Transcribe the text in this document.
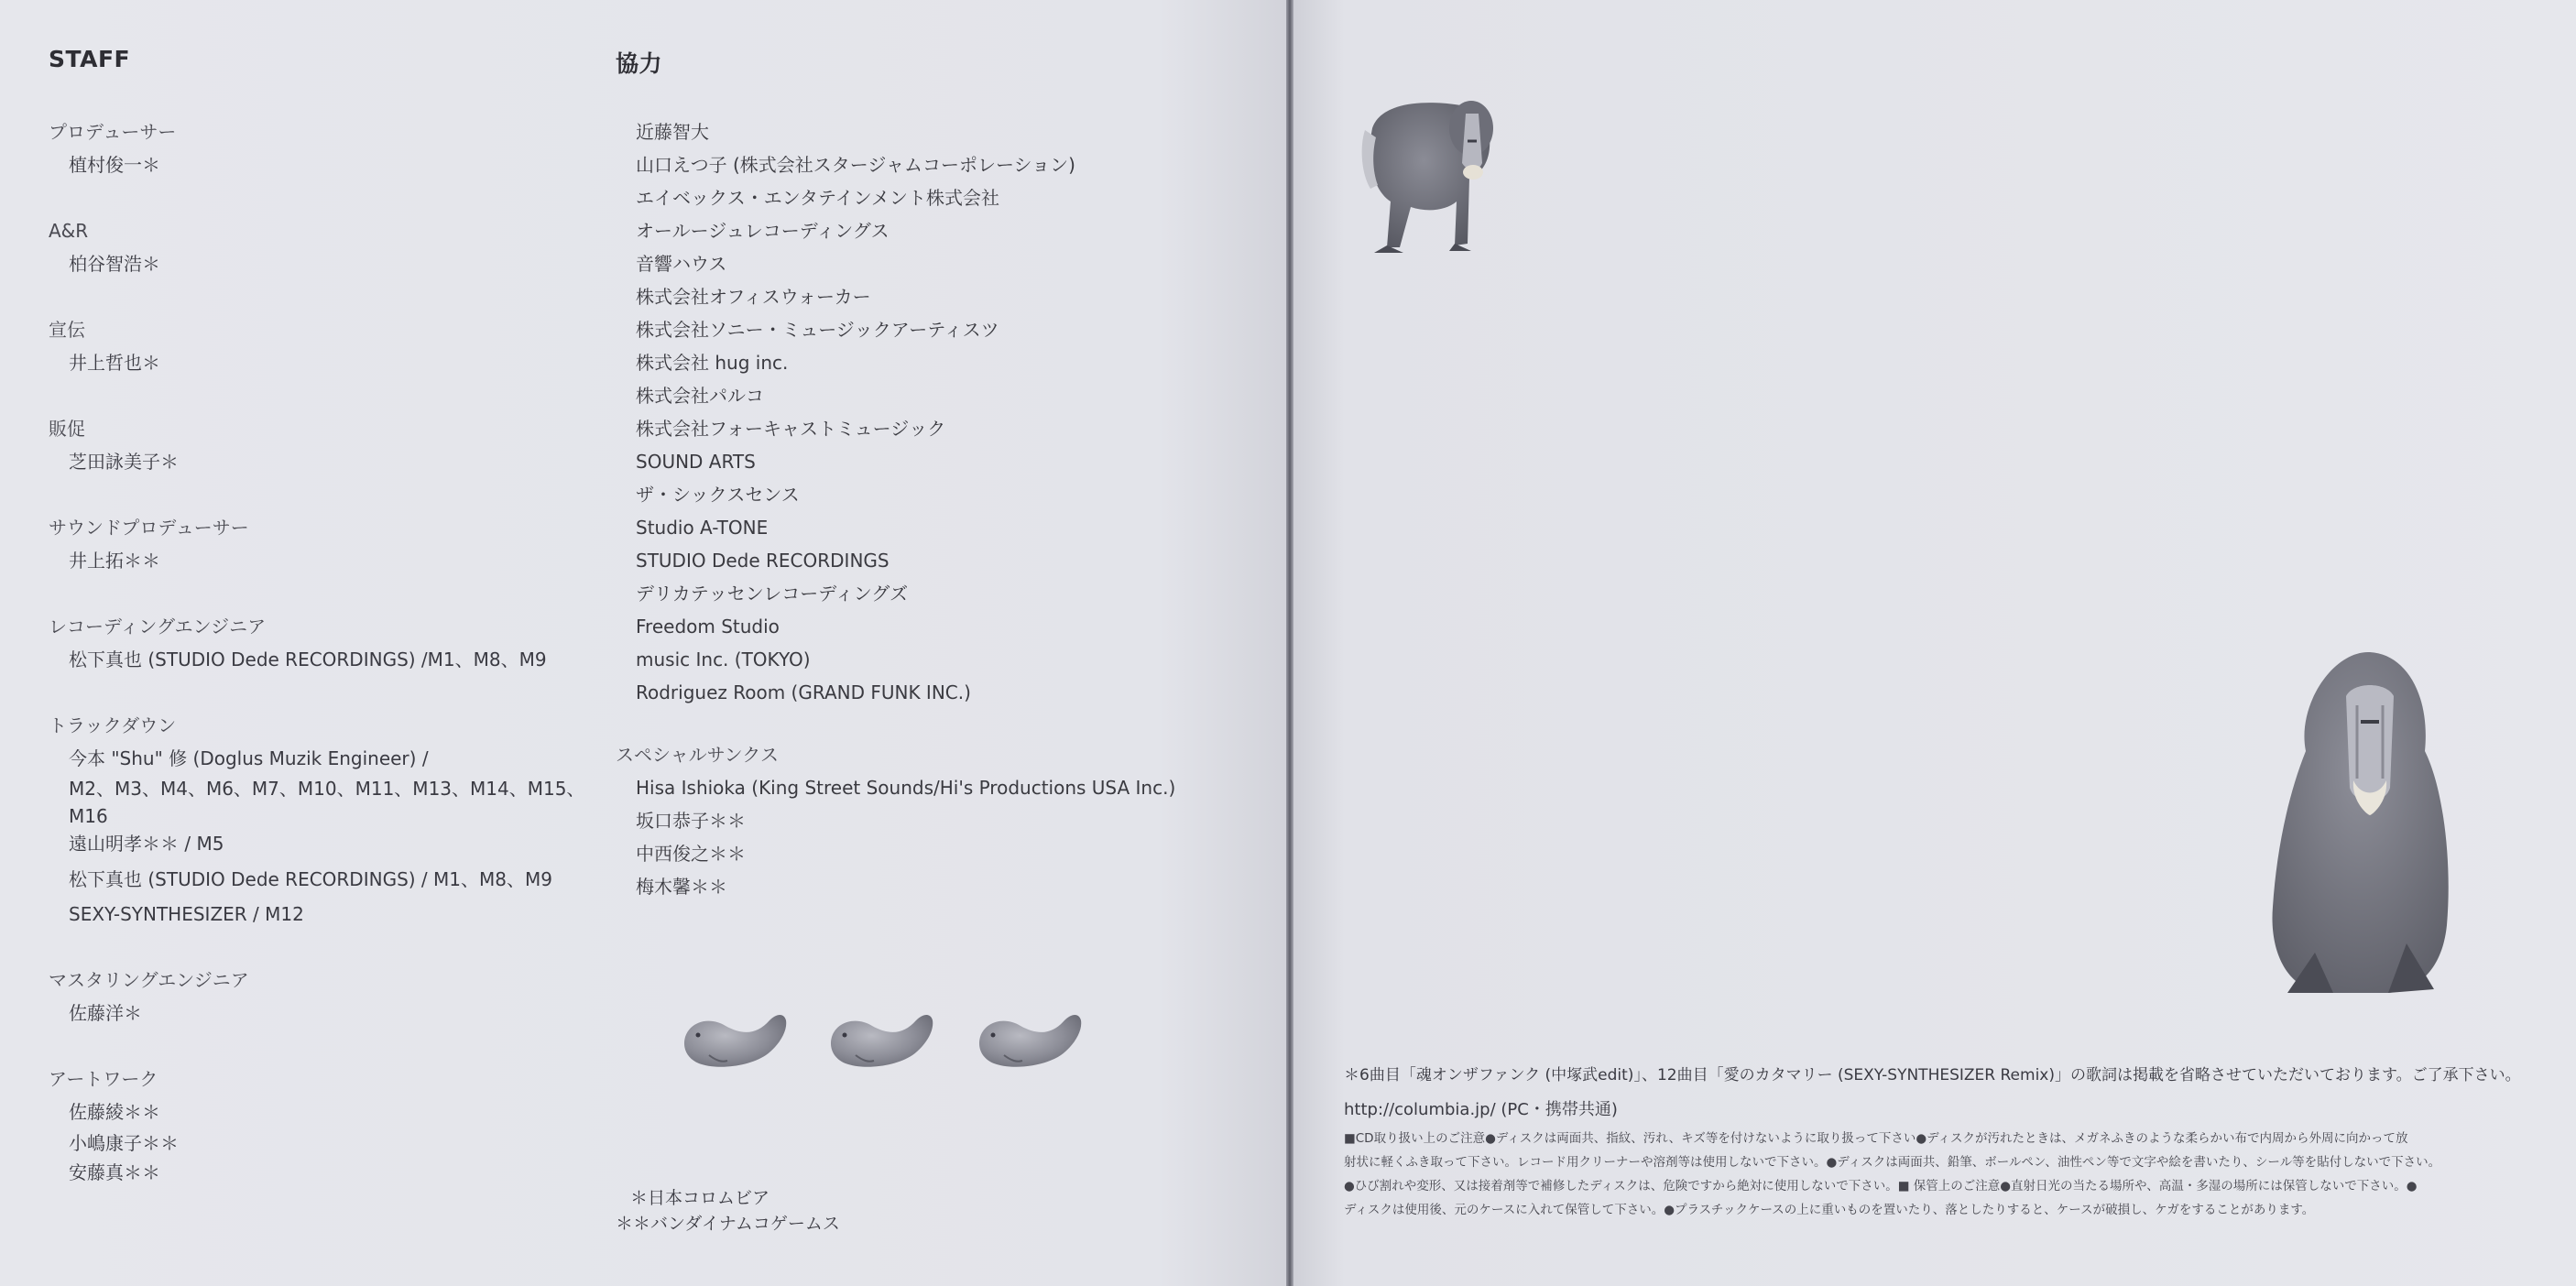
STAFF

プロデューサー

植村俊一＊

A&R

柏谷智浩＊

宣伝

井上哲也＊

販促

芝田詠美子＊

サウンドプロデューサー

井上拓＊＊

レコーディングエンジニア

松下真也 (STUDIO Dede RECORDINGS) /M1、M8、M9

トラックダウン

今本 "Shu" 修 (Doglus Muzik Engineer) /

M2、M3、M4、M6、M7、M10、M11、M13、M14、M15、M16

遠山明孝＊＊ / M5

松下真也 (STUDIO Dede RECORDINGS) / M1、M8、M9

SEXY-SYNTHESIZER / M12

マスタリングエンジニア

佐藤洋＊

アートワーク

佐藤綾＊＊

小嶋康子＊＊

安藤真＊＊

協力

近藤智大

山口えつ子 (株式会社スタージャムコーポレーション)

エイベックス・エンタテインメント株式会社

オールージュレコーディングス

音響ハウス

株式会社オフィスウォーカー

株式会社ソニー・ミュージックアーティスツ

株式会社 hug inc.

株式会社パルコ

株式会社フォーキャストミュージック

SOUND ARTS

ザ・シックスセンス

Studio A-TONE

STUDIO Dede RECORDINGS

デリカテッセンレコーディングズ

Freedom Studio

music Inc. (TOKYO)

Rodriguez Room (GRAND FUNK INC.)

スペシャルサンクス

Hisa Ishioka (King Street Sounds/Hi's Productions USA Inc.)

坂口恭子＊＊

中西俊之＊＊

梅木馨＊＊

＊日本コロムビア
＊＊バンダイナムコゲームス
＊6曲目「魂オンザファンク (中塚武edit)」、12曲目「愛のカタマリー (SEXY-SYNTHESIZER Remix)」の歌詞は掲載を省略させていただいております。ご了承下さい。
http://columbia.jp/ (PC・携帯共通)
■CD取り扱い上のご注意●ディスクは両面共、指紋、汚れ、キズ等を付けないように取り扱って下さい●ディスクが汚れたときは、メガネふきのような柔らかい布で内周から外周に向かって放
射状に軽くふき取って下さい。レコード用クリーナーや溶剤等は使用しないで下さい。●ディスクは両面共、鉛筆、ボールペン、油性ペン等で文字や絵を書いたり、シール等を貼付しないで下さい。
●ひび割れや変形、又は接着剤等で補修したディスクは、危険ですから絶対に使用しないで下さい。■ 保管上のご注意●直射日光の当たる場所や、高温・多湿の場所には保管しないで下さい。●
ディスクは使用後、元のケースに入れて保管して下さい。●プラスチックケースの上に重いものを置いたり、落としたりすると、ケースが破損し、ケガをすることがあります。
